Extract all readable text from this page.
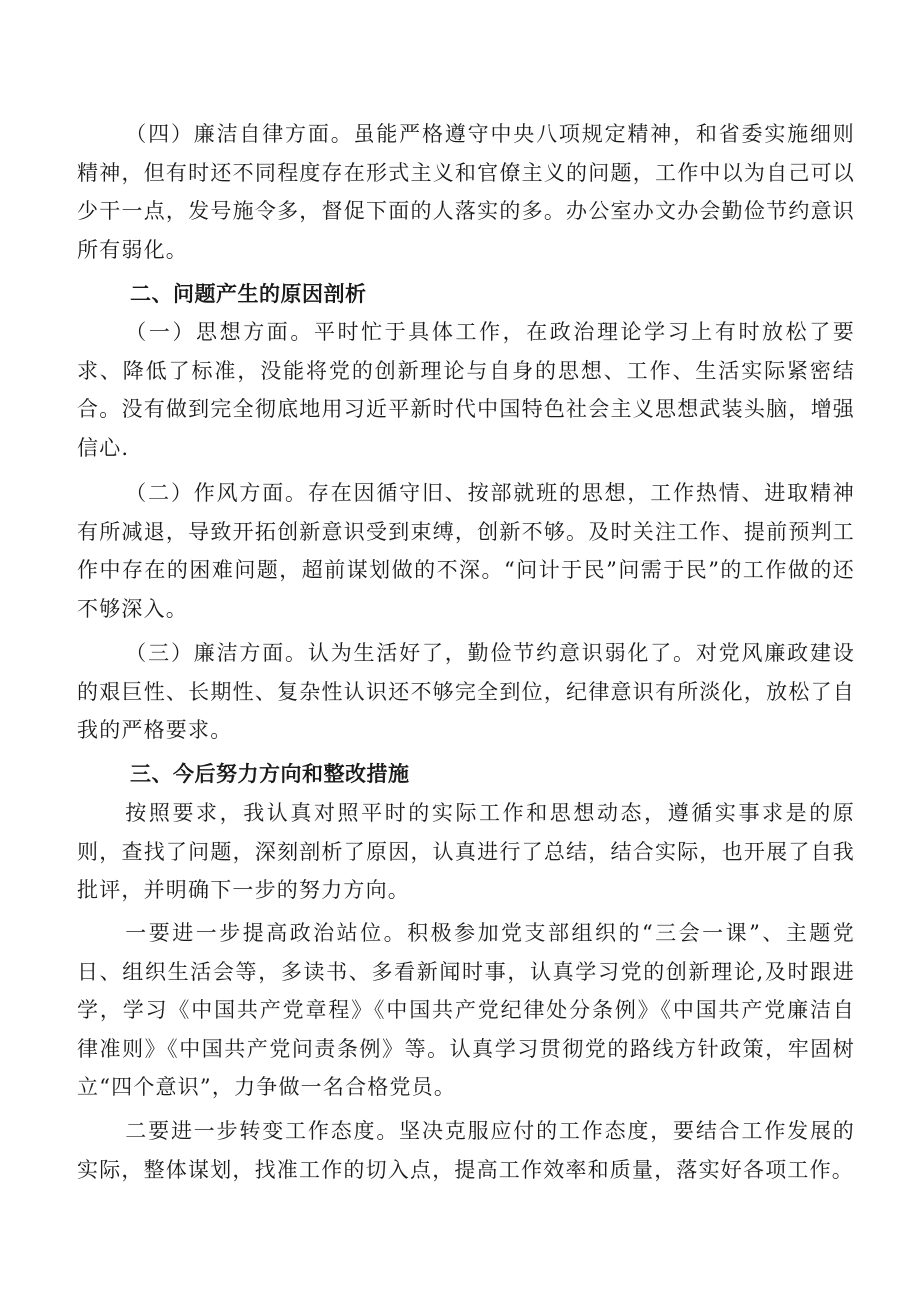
（四）廉洁自律方面。虽能严格遵守中央八项规定精神，和省委实施细则精神，但有时还不同程度存在形式主义和官僚主义的问题，工作中以为自己可以少干一点，发号施令多，督促下面的人落实的多。办公室办文办会勤俭节约意识所有弱化。

二、问题产生的原因剖析

（一）思想方面。平时忙于具体工作，在政治理论学习上有时放松了要求、降低了标准，没能将党的创新理论与自身的思想、工作、生活实际紧密结合。没有做到完全彻底地用习近平新时代中国特色社会主义思想武装头脑，增强信心.

（二）作风方面。存在因循守旧、按部就班的思想，工作热情、进取精神有所减退，导致开拓创新意识受到束缚，创新不够。及时关注工作、提前预判工作中存在的困难问题，超前谋划做的不深。“问计于民”问需于民”的工作做的还不够深入。

（三）廉洁方面。认为生活好了，勤俭节约意识弱化了。对党风廉政建设的艰巨性、长期性、复杂性认识还不够完全到位，纪律意识有所淡化，放松了自我的严格要求。

三、今后努力方向和整改措施

按照要求，我认真对照平时的实际工作和思想动态，遵循实事求是的原则，查找了问题，深刻剖析了原因，认真进行了总结，结合实际，也开展了自我批评，并明确下一步的努力方向。

一要进一步提高政治站位。积极参加党支部组织的“三会一课”、主题党日、组织生活会等，多读书、多看新闻时事，认真学习党的创新理论,及时跟进学，学习《中国共产党章程》《中国共产党纪律处分条例》《中国共产党廉洁自律准则》《中国共产党问责条例》等。认真学习贯彻党的路线方针政策，牢固树立“四个意识”，力争做一名合格党员。

二要进一步转变工作态度。坚决克服应付的工作态度，要结合工作发展的实际，整体谋划，找准工作的切入点，提高工作效率和质量，落实好各项工作。
